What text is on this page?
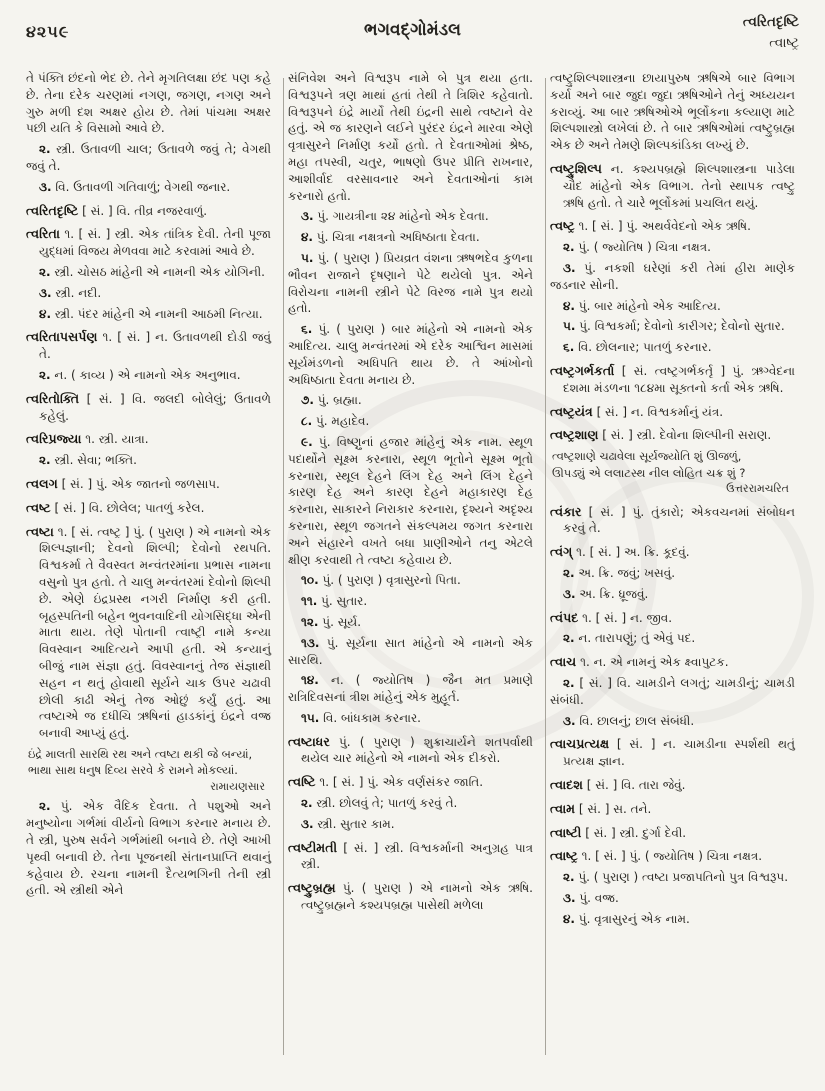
૪૨૫૯	ભગવદ્ગોમંડલ	ત્વરિતદૃષ્ટિ
ત્વાષ્ટ્ર

તે પંક્તિ છંદનો ભેદ છે. તેને મૃગતિલક્ષા છંદ પણ કહે છે. તેના દરેક ચરણમાં નગણ, જગણ, નગણ અને ગુરુ મળી દશ અક્ષર હોય છે. તેમાં પાંચમા અક્ષર પછી યતિ કે વિસામો આવે છે.

૨. સ્ત્રી. ઉતાવળી ચાલ; ઉતાવળે જવું તે; વેગથી જવું તે.

૩. વિ. ઉતાવળી ગતિવાળું; વેગથી જનાર.

ત્વરિતદૃષ્ટિ [ સં. ] વિ. તીવ્ર નજરવાળું.

ત્વરિતા ૧. [ સં. ] સ્ત્રી. એક તાંત્રિક દેવી. તેની પૂજા યુદ્ધમાં વિજય મેળવવા માટે કરવામાં આવે છે.

૨. સ્ત્રી. ચોસઠ માંહેની એ નામની એક યોગિની.

૩. સ્ત્રી. નદી.

૪. સ્ત્રી. પંદર માંહેની એ નામની આઠમી નિત્યા.

ત્વરિતાપસર્પણ ૧. [ સં. ] ન. ઉતાવળથી દોડી જવું તે.

૨. ન. ( કાવ્ય ) એ નામનો એક અનુભાવ.

ત્વરિતોક્તિ [ સં. ] વિ. જલદી બોલેલું; ઉતાવળે કહેલું.

ત્વરિપ્રજ્યા ૧. સ્ત્રી. યાત્રા.

૨. સ્ત્રી. સેવા; ભક્તિ.

ત્વલગ [ સં. ] પું. એક જાતનો જળસાપ.

ત્વષ્ટ [ સં. ] વિ. છોલેલ; પાતળું કરેલ.

ત્વષ્ટા ૧. [ સં. ત્વષ્ટ્ર ] પું. ( પુરાણ ) એ નામનો એક શિલ્પજ્ઞાની; દેવનો શિલ્પી; દેવોનો રથપતિ. વિશ્વકર્મા તે વૈવસ્વત મન્વંતરમાંના પ્રભાસ નામના વસુનો પુત્ર હતો. તે ચાલુ મન્વંતરમાં દેવોનો શિલ્પી છે. એણે ઇંદ્રપ્રસ્થ નગરી નિર્માણ કરી હતી. બૃહસ્પતિની બહેન ભુવનવાદિની યોગસિદ્ધા એની માતા થાય. તેણે પોતાની ત્વાષ્ટ્રી નામે કન્યા વિવસ્વાન આદિત્યને આપી હતી. એ કન્યાનું બીજું નામ સંજ્ઞા હતું. વિવસ્વાનનું તેજ સંજ્ઞાથી સહન ન થતું હોવાથી સૂર્યને ચાક ઉપર ચઢાવી છોલી કાઢી એનું તેજ ઓછું કર્યું હતું. આ ત્વષ્ટાએ જ દધીચિ ઋષિનાં હાડકાંનું ઇંદ્રને વજ્ર બનાવી આપ્યું હતું.

ઇંદ્રે માલતી સારથિ રથ અને ત્વષ્ટા થકી જે બન્યાં,
ભાથા સાથ ધનુષ દિવ્ય સરવે કે રામને મોકલ્યાં.

રામાયણસાર

૨. પું. એક વૈદિક દેવતા. તે પશુઓ અને મનુષ્યોના ગર્ભમાં વીર્યનો વિભાગ કરનાર મનાય છે. તે સ્ત્રી, પુરુષ સર્વને ગર્ભમાંથી બનાવે છે. તેણે આખી પૃથ્વી બનાવી છે. તેના પૂજનથી સંતાનપ્રાપ્તિ થવાનું કહેવાય છે. રચના નામની દૈત્યભગિની તેની સ્ત્રી હતી. એ સ્ત્રીથી એને

સંનિવેશ અને વિશ્વરૂપ નામે બે પુત્ર થયા હતા. વિશ્વરૂપને ત્રણ માથાં હતાં તેથી તે ત્રિશિર કહેવાતો. વિશ્વરૂપને ઇંદ્રે માર્યો તેથી ઇંદ્રની સાથે ત્વષ્ટાને વેર હતું. એ જ કારણને લઈને પુરંદર ઇંદ્રને મારવા એણે વૃત્રાસુરને નિર્માણ કર્યો હતો. તે દેવતાઓમાં શ્રેષ્ઠ, મહા તપસ્વી, ચતુર, ભાષણો ઉપર પ્રીતિ રાખનાર, આશીર્વાદ વરસાવનાર અને દેવતાઓનાં કામ કરનારો હતો.

૩. પું. ગાયત્રીના ૨૪ માંહેનો એક દેવતા.

૪. પું. ચિત્રા નક્ષત્રનો અધિષ્ઠાતા દેવતા.

૫. પું. ( પુરાણ ) પ્રિયવ્રત વંશના ઋષભદેવ કુળના ભૌવન રાજાને દૃષણાને પેટે થયેલો પુત્ર. એને વિરોચના નામની સ્ત્રીને પેટે વિરજ નામે પુત્ર થયો હતો.

૬. પું. ( પુરાણ ) બાર માંહેનો એ નામનો એક આદિત્ય. ચાલુ મન્વંતરમાં એ દરેક આશ્વિન માસમાં સૂર્યમંડળનો અધિપતિ થાય છે. તે આંખોનો અધિષ્ઠાતા દેવતા મનાય છે.

૭. પું. બ્રહ્મા.

૮. પું. મહાદેવ.

૯. પું. વિષ્ણુનાં હજાર માંહેનું એક નામ. સ્થૂળ પદાર્થોને સૂક્ષ્મ કરનારા, સ્થૂળ ભૂતોને સૂક્ષ્મ ભૂતો કરનારા, સ્થૂલ દેહને લિંગ દેહ અને લિંગ દેહને કારણ દેહ અને કારણ દેહને મહાકારણ દેહ કરનારા, સાકારને નિરાકાર કરનારા, દૃશ્યને અદૃશ્ય કરનારા, સ્થૂળ જગતને સંકલ્પમય જગત કરનારા અને સંહારને વખતે બધા પ્રાણીઓને તનુ એટલે ક્ષીણ કરવાથી તે ત્વષ્ટા કહેવાય છે.

૧૦. પું. ( પુરાણ ) વૃત્રાસુરનો પિતા.

૧૧. પું. સુતાર.

૧૨. પું. સૂર્ય.

૧૩. પું. સૂર્યના સાત માંહેનો એ નામનો એક સારથિ.

૧૪. ન. ( જ્યોતિષ ) જૈન મત પ્રમાણે રાત્રિદિવસનાં ત્રીશ માંહેનું એક મુહૂર્ત.

૧૫. વિ. બાંધકામ કરનાર.

ત્વષ્ટાધર પું. ( પુરાણ ) શુક્રાચાર્યને શતપર્વાથી થયેલ ચાર માંહેનો એ નામનો એક દીકરો.

ત્વષ્ટિ ૧. [ સં. ] પું. એક વર્ણસંકર જાતિ.

૨. સ્ત્રી. છોલવું તે; પાતળું કરવું તે.

૩. સ્ત્રી. સુતાર કામ.

ત્વષ્ટીમતી [ સં. ] સ્ત્રી. વિશ્વકર્માની અનુગ્રહ પાત્ર સ્ત્રી.

ત્વષ્ટ્રુબ્રહ્મ પું. ( પુરાણ ) એ નામનો એક ઋષિ. ત્વષ્ટ્રુબ્રહ્મને કશ્યપબ્રહ્મ પાસેથી મળેલા

ત્વષ્ટ્રુશિલ્પશાસ્ત્રના છાયાપુરુષ ઋષિએ બાર વિભાગ કર્યા અને બાર જુદા જુદા ઋષિઓને તેનું અધ્યયન કરાવ્યું. આ બાર ઋષિઓએ ભૂર્લોકના કલ્યાણ માટે શિલ્પશાસ્ત્રો લખેલાં છે. તે બાર ઋષિઓમાં ત્વષ્ટ્રુબ્રહ્મ એક છે અને તેમણે શિલ્પકાંડિકા લખ્યું છે.

ત્વષ્ટ્રુશિલ્પ ન. કશ્યપબ્રહ્મે શિલ્પશાસ્ત્રના પાડેલા ચૌદ માંહેનો એક વિભાગ. તેનો સ્થાપક ત્વષ્ટ્રુ ઋષિ હતો. તે ચારે ભૂર્લોકમાં પ્રચલિત થયું.

ત્વષ્ટ્ર ૧. [ સં. ] પું. અથર્વવેદનો એક ઋષિ.

૨. પું. ( જ્યોતિષ ) ચિત્રા નક્ષત્ર.

૩. પું. નકશી ઘરેણાં કરી તેમાં હીરા માણેક જડનાર સોની.

૪. પું. બાર માંહેનો એક આદિત્ય.

૫. પું. વિશ્વકર્મા; દેવોનો કારીગર; દેવોનો સુતાર.

૬. વિ. છોલનાર; પાતળું કરનાર.

ત્વષ્ટ્રગર્ભકર્તા [ સં. ત્વષ્ટ્રગર્ભકર્તૃ ] પું. ઋગ્વેદના દશમા મંડળના ૧૮૪મા સૂક્તનો કર્તા એક ઋષિ.

ત્વષ્ટ્રયંત્ર [ સં. ] ન. વિશ્વકર્માનું યંત્ર.

ત્વષ્ટ્રશાણ [ સં. ] સ્ત્રી. દેવોના શિલ્પીની સરાણ.

ત્વષ્ટ્રશાણે ચઢાવેલા સૂર્યજ્યોતિ શું ઊજળું,
ઊપડ્યું એ લલાટસ્થ નીલ લોહિત ચક્ર શું ?

ઉત્તરરામચરિત

ત્વંકાર [ સં. ] પું. તુંકારો; એકવચનમાં સંબોધન કરવું તે.

ત્વંગ્ ૧. [ સં. ] અ. ક્રિ. કૂદવું.

૨. અ. ક્રિ. જવું; ખસવું.

૩. અ. ક્રિ. ધ્રૂજવું.

ત્વંપદ ૧. [ સં. ] ન. જીવ.

૨. ન. તારાપણું; તું એવું પદ.

ત્વાચ ૧. ન. એ નામનું એક ક્ષ્વાપુટક.

૨. [ સં. ] વિ. ચામડીને લગતું; ચામડીનું; ચામડી સંબંધી.

૩. વિ. છાલનું; છાલ સંબંધી.

ત્વાચપ્રત્યક્ષ [ સં. ] ન. ચામડીના સ્પર્શથી થતું પ્રત્યક્ષ જ્ઞાન.

ત્વાદશ [ સં. ] વિ. તારા જેવું.

ત્વામ [ સં. ] સ. તને.

ત્વાષ્ટી [ સં. ] સ્ત્રી. દુર્ગા દેવી.

ત્વાષ્ટ્ર ૧. [ સં. ] પું. ( જ્યોતિષ ) ચિત્રા નક્ષત્ર.

૨. પું. ( પુરાણ ) ત્વષ્ટા પ્રજાપતિનો પુત્ર વિશ્વરૂપ.

૩. પું. વજ્ર.

૪. પું. વૃત્રાસુરનું એક નામ.
